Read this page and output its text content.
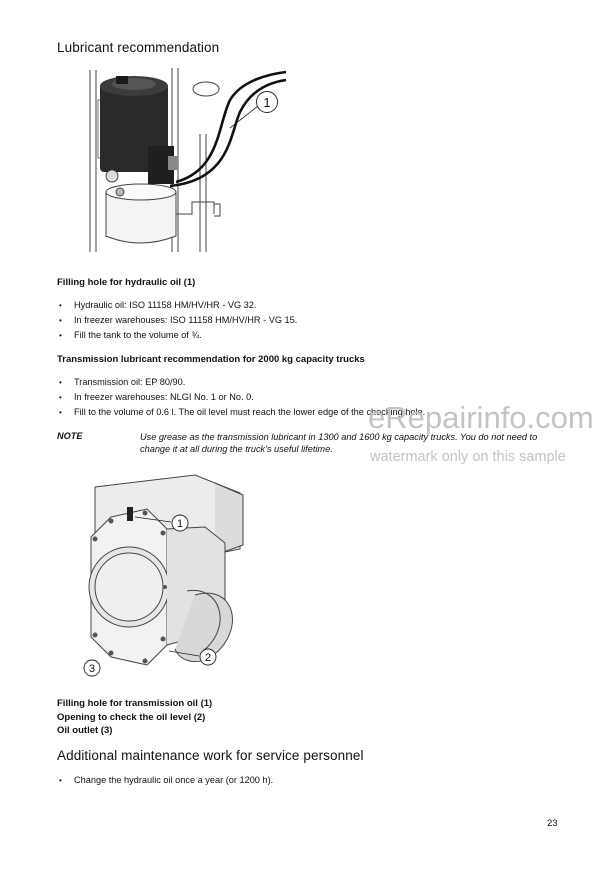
Lubricant recommendation
1
Filling hole for hydraulic oil (1)
• Hydraulic oil: ISO 11158 HM/HV/HR - VG 32.
• In freezer warehouses: ISO 11158 HM/HV/HR - VG 15.
• Fill the tank to the volume of ¾.
Transmission lubricant recommendation for 2000 kg capacity trucks
• Transmission oil: EP 80/90.
• In freezer warehouses: NLGI No. 1 or No. 0.
• Fill to the volume of 0.6 l. The oil level must reach the lower edge of the checking hole.
NOTE	Use grease as the transmission lubricant in 1300 and 1600 kg capacity trucks. You do not need to change it at all during the truck's useful lifetime.
eRepairinfo.com
watermark only on this sample
1
2
3
Filling hole for transmission oil (1)
Opening to check the oil level (2)
Oil outlet (3)
Additional maintenance work for service personnel
• Change the hydraulic oil once a year (or 1200 h).
23
